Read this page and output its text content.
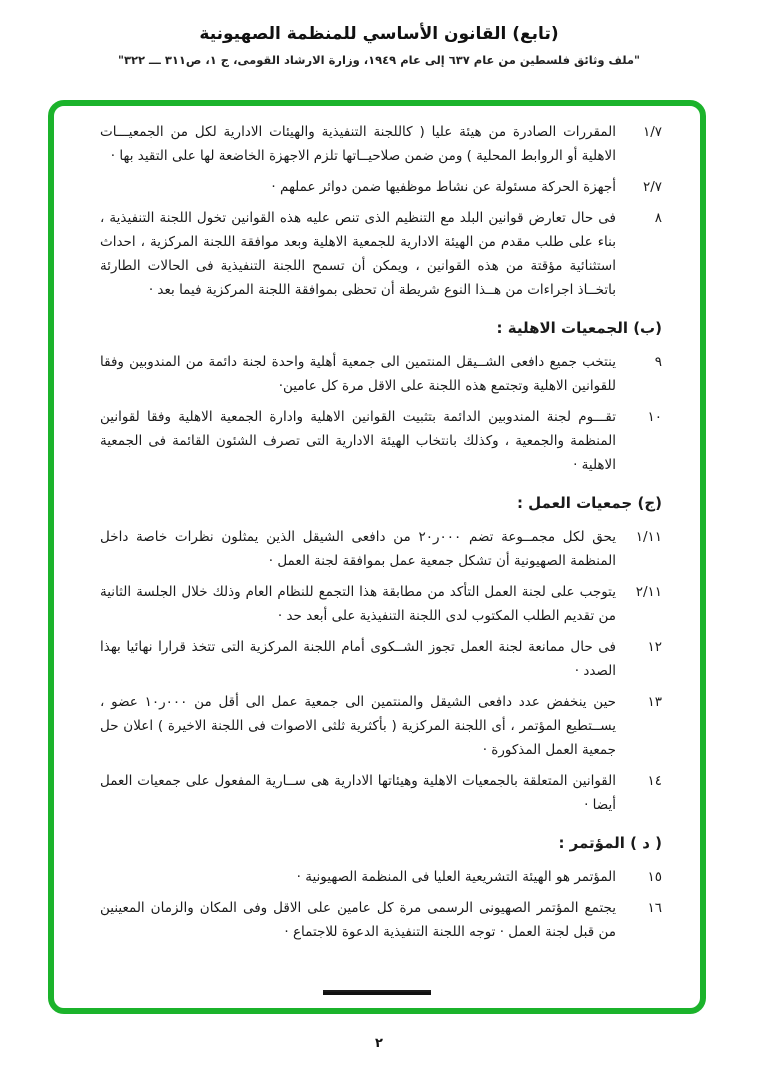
(تابع) القانون الأساسي للمنظمة الصهيونية
"ملف وثائق فلسطين من عام ٦٣٧ إلى عام ١٩٤٩، وزارة الارشاد القومى، ج ١، ص٣١١ ـــ ٣٢٢"
١/٧
المقررات الصادرة من هيئة عليا ( كاللجنة التنفيذية والهيئات الادارية لكل من الجمعيـــات الاهلية أو الروابط المحلية ) ومن ضمن صلاحيــاتها تلزم الاجهزة الخاضعة لها على التقيد بها ·
٢/٧
أجهزة الحركة مسئولة عن نشاط موظفيها ضمن دوائر عملهم ·
٨
فى حال تعارض قوانين البلد مع التنظيم الذى تنص عليه هذه القوانين تخول اللجنة التنفيذية ، بناء على طلب مقدم من الهيئة الادارية للجمعية الاهلية وبعد موافقة اللجنة المركزية ، احداث استثنائية مؤقتة من هذه القوانين ، ويمكن أن تسمح اللجنة التنفيذية فى الحالات الطارئة باتخــاذ اجراءات من هــذا النوع شريطة أن تحظى بموافقة اللجنة المركزية فيما بعد ·
(ب) الجمعيات الاهلية :
٩
ينتخب جميع دافعى الشــيقل المنتمين الى جمعية أهلية واحدة لجنة دائمة من المندوبين وفقا للقوانين الاهلية وتجتمع هذه اللجنة على الاقل مرة كل عامين·
١٠
تقـــوم لجنة المندوبين الدائمة بتثبيت القوانين الاهلية وادارة الجمعية الاهلية وفقا لقوانين المنظمة والجمعية ، وكذلك بانتخاب الهيئة الادارية التى تصرف الشئون القائمة فى الجمعية الاهلية ·
(ج) جمعيات العمل :
١/١١
يحق لكل مجمــوعة تضم ٠٠٠ر٢٠ من دافعى الشيقل الذين يمثلون نظرات خاصة داخل المنظمة الصهيونية أن تشكل جمعية عمل بموافقة لجنة العمل ·
٢/١١
يتوجب على لجنة العمل التأكد من مطابقة هذا التجمع للنظام العام وذلك خلال الجلسة الثانية من تقديم الطلب المكتوب لدى اللجنة التنفيذية على أبعد حد ·
١٢
فى حال ممانعة لجنة العمل تجوز الشــكوى أمام اللجنة المركزية التى تتخذ قرارا نهائيا بهذا الصدد ·
١٣
حين ينخفض عدد دافعى الشيقل والمنتمين الى جمعية عمل الى أقل من ٠٠٠ر١٠ عضو ، يســتطيع المؤتمر ، أى اللجنة المركزية ( بأكثرية ثلثى الاصوات فى اللجنة الاخيرة ) اعلان حل جمعية العمل المذكورة ·
١٤
القوانين المتعلقة بالجمعيات الاهلية وهيئاتها الادارية هى ســارية المفعول على جمعيات العمل أيضا ·
( د ) المؤتمر :
١٥
المؤتمر هو الهيئة التشريعية العليا فى المنظمة الصهيونية ·
١٦
يجتمع المؤتمر الصهيونى الرسمى مرة كل عامين على الاقل وفى المكان والزمان المعينين من قبل لجنة العمل · توجه اللجنة التنفيذية الدعوة للاجتماع ·
٢
